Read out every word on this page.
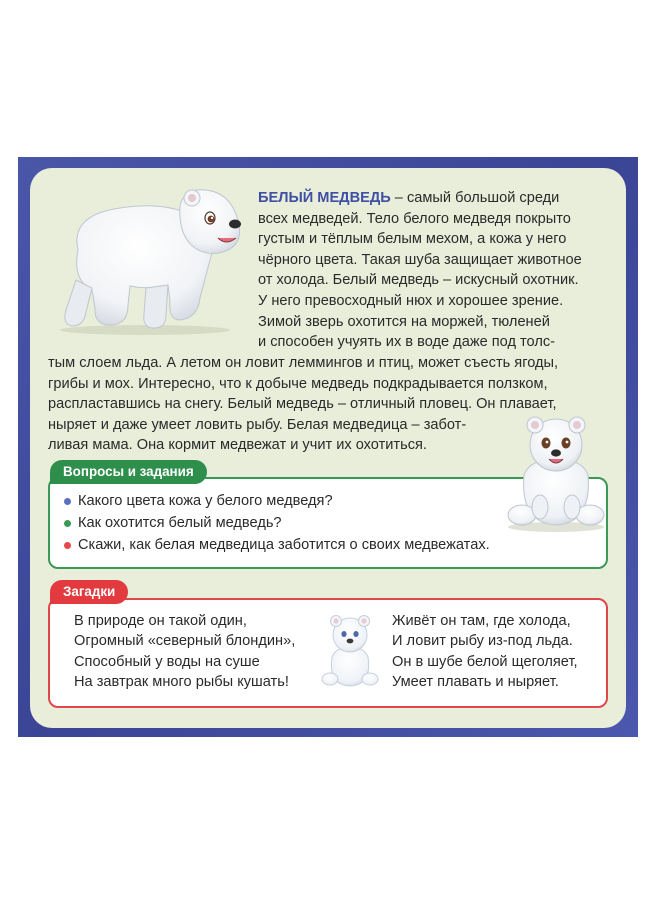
БЕЛЫЙ МЕДВЕДЬ – самый большой среди
всех медведей. Тело белого медведя покрыто
густым и тёплым белым мехом, а кожа у него
чёрного цвета. Такая шуба защищает животное
от холода. Белый медведь – искусный охотник.
У него превосходный нюх и хорошее зрение.
Зимой зверь охотится на моржей, тюленей
и способен учуять их в воде даже под толс-

тым слоем льда. А летом он ловит леммингов и птиц, может съесть ягоды,
грибы и мох. Интересно, что к добыче медведь подкрадывается ползком,
распластавшись на снегу. Белый медведь – отличный пловец. Он плавает,
ныряет и даже умеет ловить рыбу. Белая медведица – забот-
ливая мама. Она кормит медвежат и учит их охотиться.

Какого цвета кожа у белого медведя?
Как охотится белый медведь?
Скажи, как белая медведица заботится о своих медвежатах.
Вопросы и задания
Загадки

В природе он такой один,
Огромный «северный блондин»,
Способный у воды на суше
На завтрак много рыбы кушать!

Живёт он там, где холода,
И ловит рыбу из-под льда.
Он в шубе белой щеголяет,
Умеет плавать и ныряет.
